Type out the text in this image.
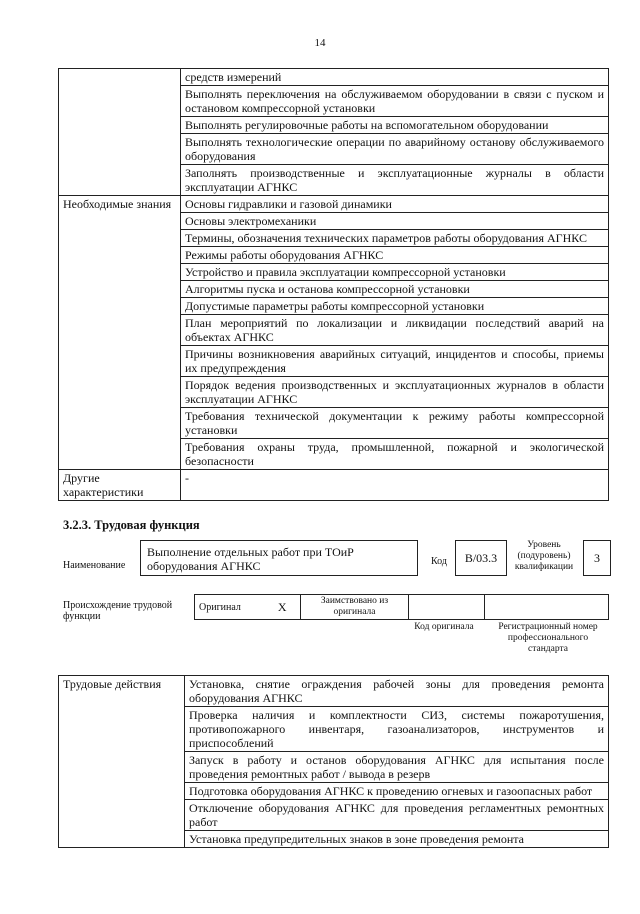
14
	средств измерений
	Выполнять переключения на обслуживаемом оборудовании в связи с пуском и остановом компрессорной установки
	Выполнять регулировочные работы на вспомогательном оборудовании
	Выполнять технологические операции по аварийному останову обслуживаемого оборудования
	Заполнять производственные и эксплуатационные журналы в области эксплуатации АГНКС
Необходимые знания	Основы гидравлики и газовой динамики
	Основы электромеханики
	Термины, обозначения технических параметров работы оборудования АГНКС
	Режимы работы оборудования АГНКС
	Устройство и правила эксплуатации компрессорной установки
	Алгоритмы пуска и останова компрессорной установки
	Допустимые параметры работы компрессорной установки
	План мероприятий по локализации и ликвидации последствий аварий на объектах АГНКС
	Причины возникновения аварийных ситуаций, инцидентов и способы, приемы их предупреждения
	Порядок ведения производственных и эксплуатационных журналов в области эксплуатации АГНКС
	Требования технической документации к режиму работы компрессорной установки
	Требования охраны труда, промышленной, пожарной и экологической безопасности
Другие характеристики	-
3.2.3. Трудовая функция
Наименование
Выполнение отдельных работ при ТОиР оборудования АГНКС	Код B/03.3
Уровень (подуровень) квалификации
3
Происхождение трудовой функции
Оригинал	X	Заимствовано из оригинала		
Код оригинала	Регистрационный номер профессионального стандарта
Трудовые действия	Установка, снятие ограждения рабочей зоны для проведения ремонта оборудования АГНКС
Проверка наличия и комплектности СИЗ, системы пожаротушения, противопожарного инвентаря, газоанализаторов, инструментов и приспособлений
Запуск в работу и останов оборудования АГНКС для испытания после проведения ремонтных работ / вывода в резерв
Подготовка оборудования АГНКС к проведению огневых и газоопасных работ
Отключение оборудования АГНКС для проведения регламентных ремонтных работ
Установка предупредительных знаков в зоне проведения ремонта
